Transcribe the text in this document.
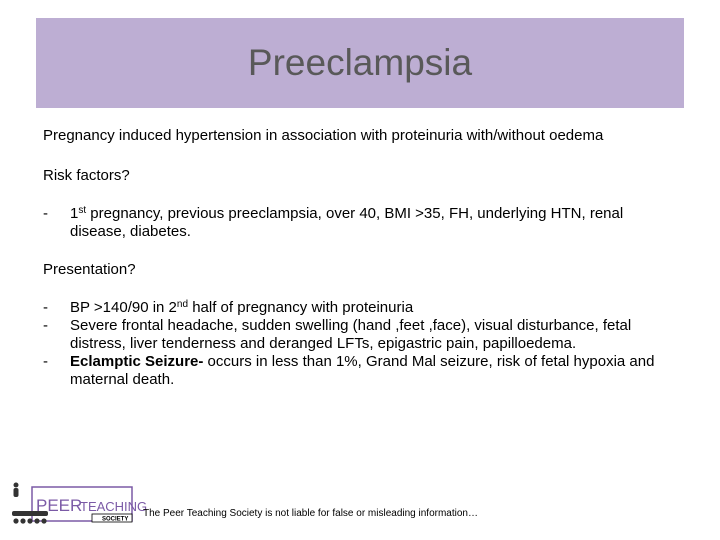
Preeclampsia

Pregnancy induced hypertension in association with proteinuria with/without oedema

Risk factors?

- 1st pregnancy, previous preeclampsia, over 40, BMI >35, FH, underlying HTN, renal disease, diabetes.

Presentation?

- BP >140/90 in 2nd half of pregnancy with proteinuria
- Severe frontal headache, sudden swelling (hand ,feet ,face), visual disturbance, fetal distress, liver tenderness and deranged LFTs, epigastric pain, papilloedema.
- Eclamptic Seizure- occurs in less than 1%, Grand Mal seizure, risk of fetal hypoxia and maternal death.
PEER
TEACHING
SOCIETY
The Peer Teaching Society is not liable for false or misleading information…
